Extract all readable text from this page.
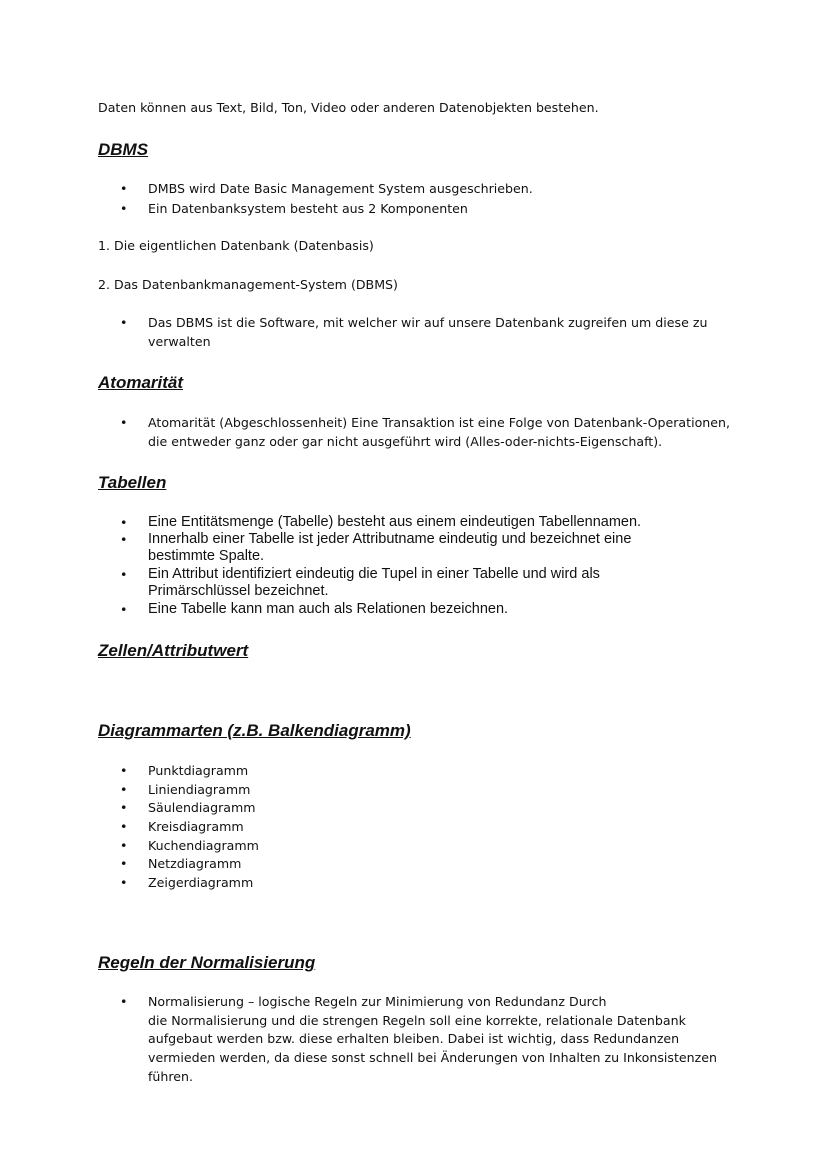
Daten können aus Text, Bild, Ton, Video oder anderen Datenobjekten bestehen.
DBMS
• DMBS wird Date Basic Management System ausgeschrieben.
• Ein Datenbanksystem besteht aus 2 Komponenten
1. Die eigentlichen Datenbank (Datenbasis)
2. Das Datenbankmanagement-System (DBMS)
• Das DBMS ist die Software, mit welcher wir auf unsere Datenbank zugreifen um diese zu
verwalten
Atomarität
• Atomarität (Abgeschlossenheit) Eine Transaktion ist eine Folge von Datenbank-Operationen,
die entweder ganz oder gar nicht ausgeführt wird (Alles-oder-nichts-Eigenschaft).
Tabellen
• Eine Entitätsmenge (Tabelle) besteht aus einem eindeutigen Tabellennamen.
• Innerhalb einer Tabelle ist jeder Attributname eindeutig und bezeichnet eine
bestimmte Spalte.
• Ein Attribut identifiziert eindeutig die Tupel in einer Tabelle und wird als
Primärschlüssel bezeichnet.
• Eine Tabelle kann man auch als Relationen bezeichnen.
Zellen/Attributwert
Diagrammarten (z.B. Balkendiagramm)
• Punktdiagramm
• Liniendiagramm
• Säulendiagramm
• Kreisdiagramm
• Kuchendiagramm
• Netzdiagramm
• Zeigerdiagramm
Regeln der Normalisierung
• Normalisierung – logische Regeln zur Minimierung von Redundanz Durch
die Normalisierung und die strengen Regeln soll eine korrekte, relationale Datenbank
aufgebaut werden bzw. diese erhalten bleiben. Dabei ist wichtig, dass Redundanzen
vermieden werden, da diese sonst schnell bei Änderungen von Inhalten zu Inkonsistenzen
führen.
